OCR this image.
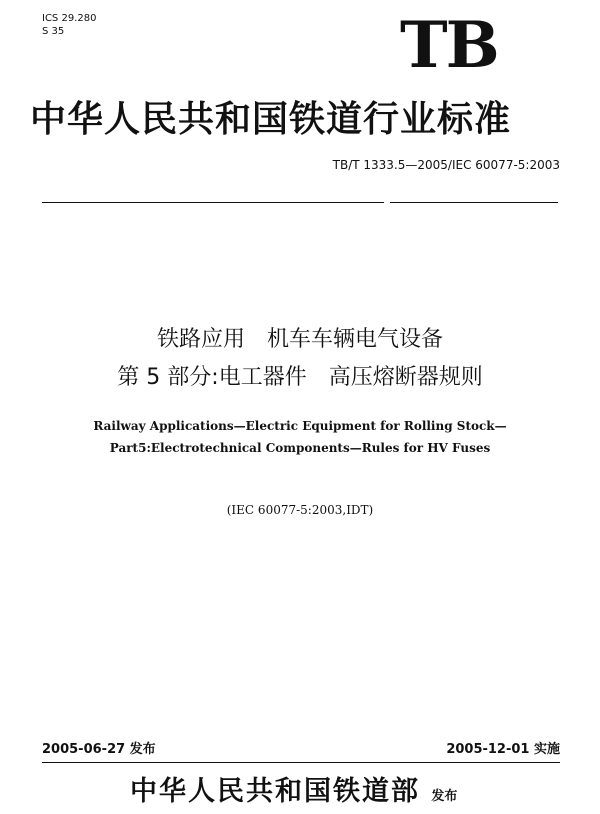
ICS 29.280
S 35	TB
中华人民共和国铁道行业标准
TB/T 1333.5—2005/IEC 60077-5:2003
铁路应用　机车车辆电气设备
第 5 部分:电工器件　高压熔断器规则
Railway Applications—Electric Equipment for Rolling Stock—
Part5:Electrotechnical Components—Rules for HV Fuses
(IEC 60077-5:2003,IDT)
2005-06-27 发布	2005-12-01 实施
中华人民共和国铁道部 发布
